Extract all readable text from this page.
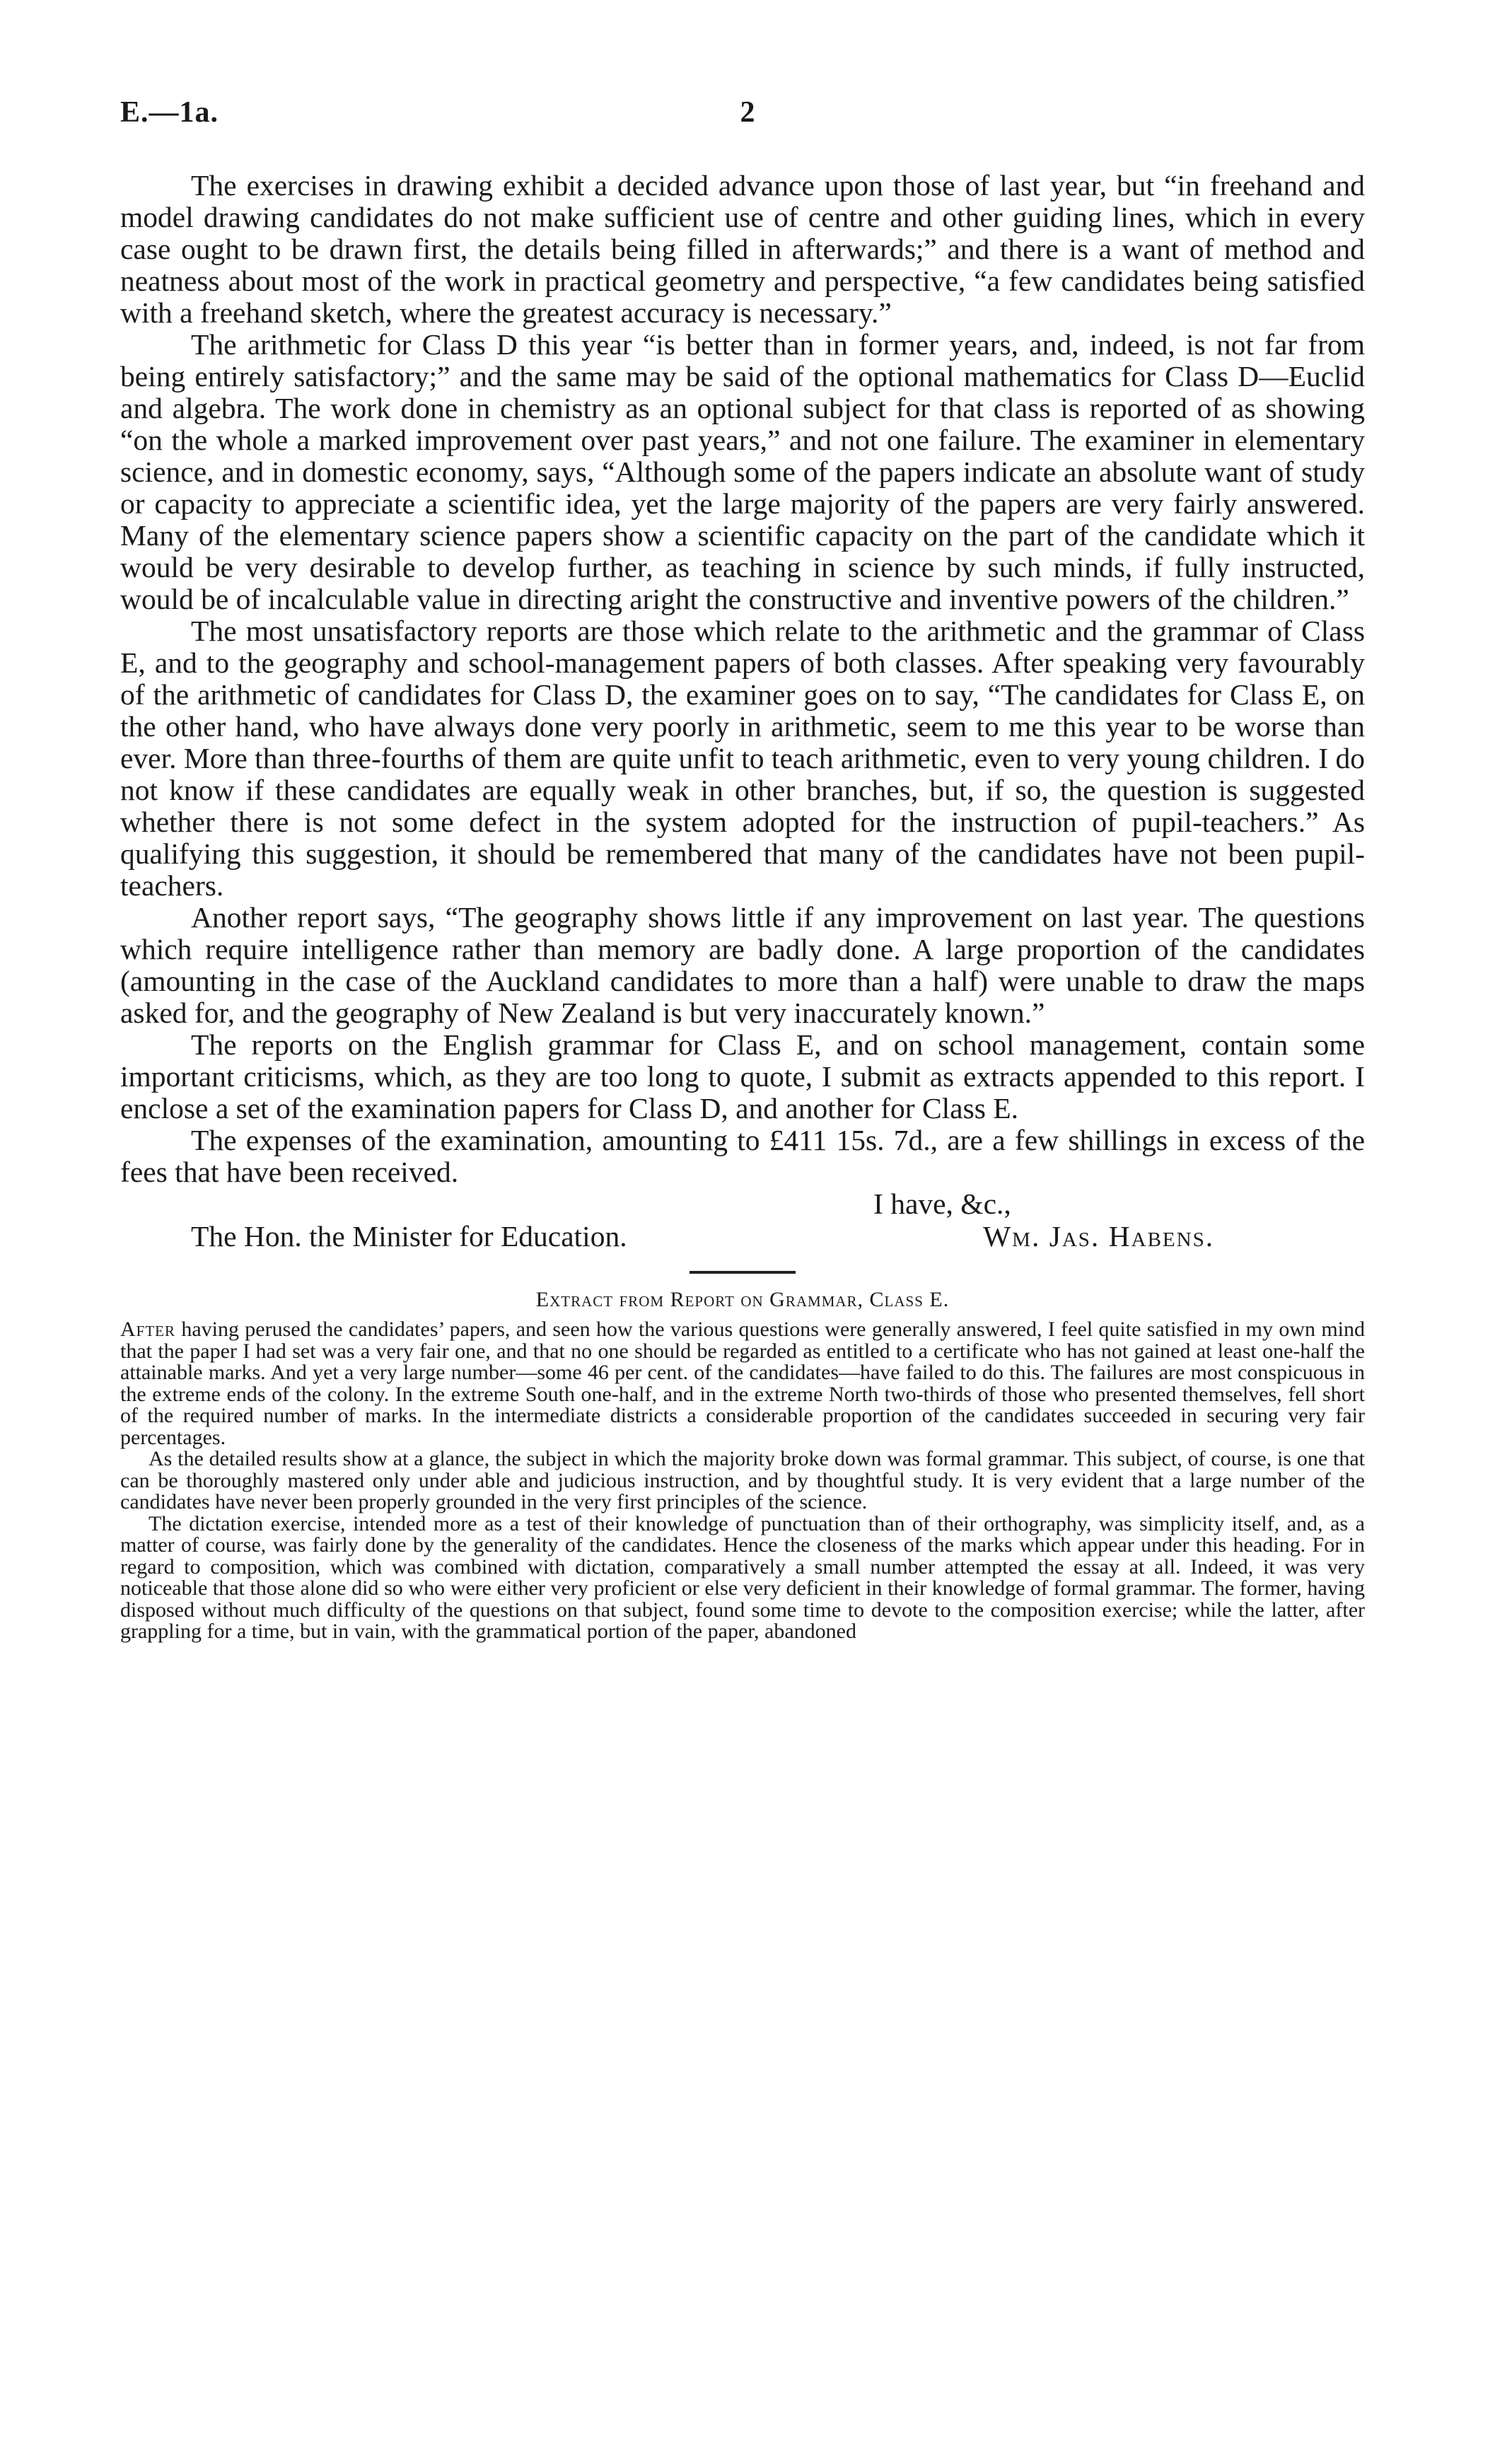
E.—1a.	2

The exercises in drawing exhibit a decided advance upon those of last year, but “in freehand and model drawing candidates do not make sufficient use of centre and other guiding lines, which in every case ought to be drawn first, the details being filled in afterwards;” and there is a want of method and neatness about most of the work in practical geometry and perspective, “a few candidates being satisfied with a freehand sketch, where the greatest accuracy is necessary.”

The arithmetic for Class D this year “is better than in former years, and, indeed, is not far from being entirely satisfactory;” and the same may be said of the optional mathematics for Class D—Euclid and algebra. The work done in chemistry as an optional subject for that class is reported of as showing “on the whole a marked improvement over past years,” and not one failure. The examiner in elementary science, and in domestic economy, says, “Although some of the papers indicate an absolute want of study or capacity to appreciate a scientific idea, yet the large majority of the papers are very fairly answered. Many of the elementary science papers show a scientific capacity on the part of the candidate which it would be very desirable to develop further, as teaching in science by such minds, if fully instructed, would be of incalculable value in directing aright the constructive and inventive powers of the children.”

The most unsatisfactory reports are those which relate to the arithmetic and the grammar of Class E, and to the geography and school-management papers of both classes. After speaking very favourably of the arithmetic of candidates for Class D, the examiner goes on to say, “The candidates for Class E, on the other hand, who have always done very poorly in arithmetic, seem to me this year to be worse than ever. More than three-fourths of them are quite unfit to teach arithmetic, even to very young children. I do not know if these candidates are equally weak in other branches, but, if so, the question is suggested whether there is not some defect in the system adopted for the instruction of pupil-teachers.” As qualifying this suggestion, it should be remembered that many of the candidates have not been pupil-teachers.

Another report says, “The geography shows little if any improvement on last year. The questions which require intelligence rather than memory are badly done. A large proportion of the candidates (amounting in the case of the Auckland candidates to more than a half) were unable to draw the maps asked for, and the geography of New Zealand is but very inaccurately known.”

The reports on the English grammar for Class E, and on school management, contain some important criticisms, which, as they are too long to quote, I submit as extracts appended to this report. I enclose a set of the examination papers for Class D, and another for Class E.

The expenses of the examination, amounting to £411 15s. 7d., are a few shillings in excess of the fees that have been received.

I have, &c.,
The Hon. the Minister for Education.	Wm. Jas. Habens.
Extract from Report on Grammar, Class E.

After having perused the candidates’ papers, and seen how the various questions were generally answered, I feel quite satisfied in my own mind that the paper I had set was a very fair one, and that no one should be regarded as entitled to a certificate who has not gained at least one-half the attainable marks. And yet a very large number—some 46 per cent. of the candidates—have failed to do this. The failures are most conspicuous in the extreme ends of the colony. In the extreme South one-half, and in the extreme North two-thirds of those who presented themselves, fell short of the required number of marks. In the intermediate districts a considerable proportion of the candidates succeeded in securing very fair percentages.

As the detailed results show at a glance, the subject in which the majority broke down was formal grammar. This subject, of course, is one that can be thoroughly mastered only under able and judicious instruction, and by thoughtful study. It is very evident that a large number of the candidates have never been properly grounded in the very first principles of the science.

The dictation exercise, intended more as a test of their knowledge of punctuation than of their orthography, was simplicity itself, and, as a matter of course, was fairly done by the generality of the candidates. Hence the closeness of the marks which appear under this heading. For in regard to composition, which was combined with dictation, comparatively a small number attempted the essay at all. Indeed, it was very noticeable that those alone did so who were either very proficient or else very deficient in their knowledge of formal grammar. The former, having disposed without much difficulty of the questions on that subject, found some time to devote to the composition exercise; while the latter, after grappling for a time, but in vain, with the grammatical portion of the paper, abandoned
